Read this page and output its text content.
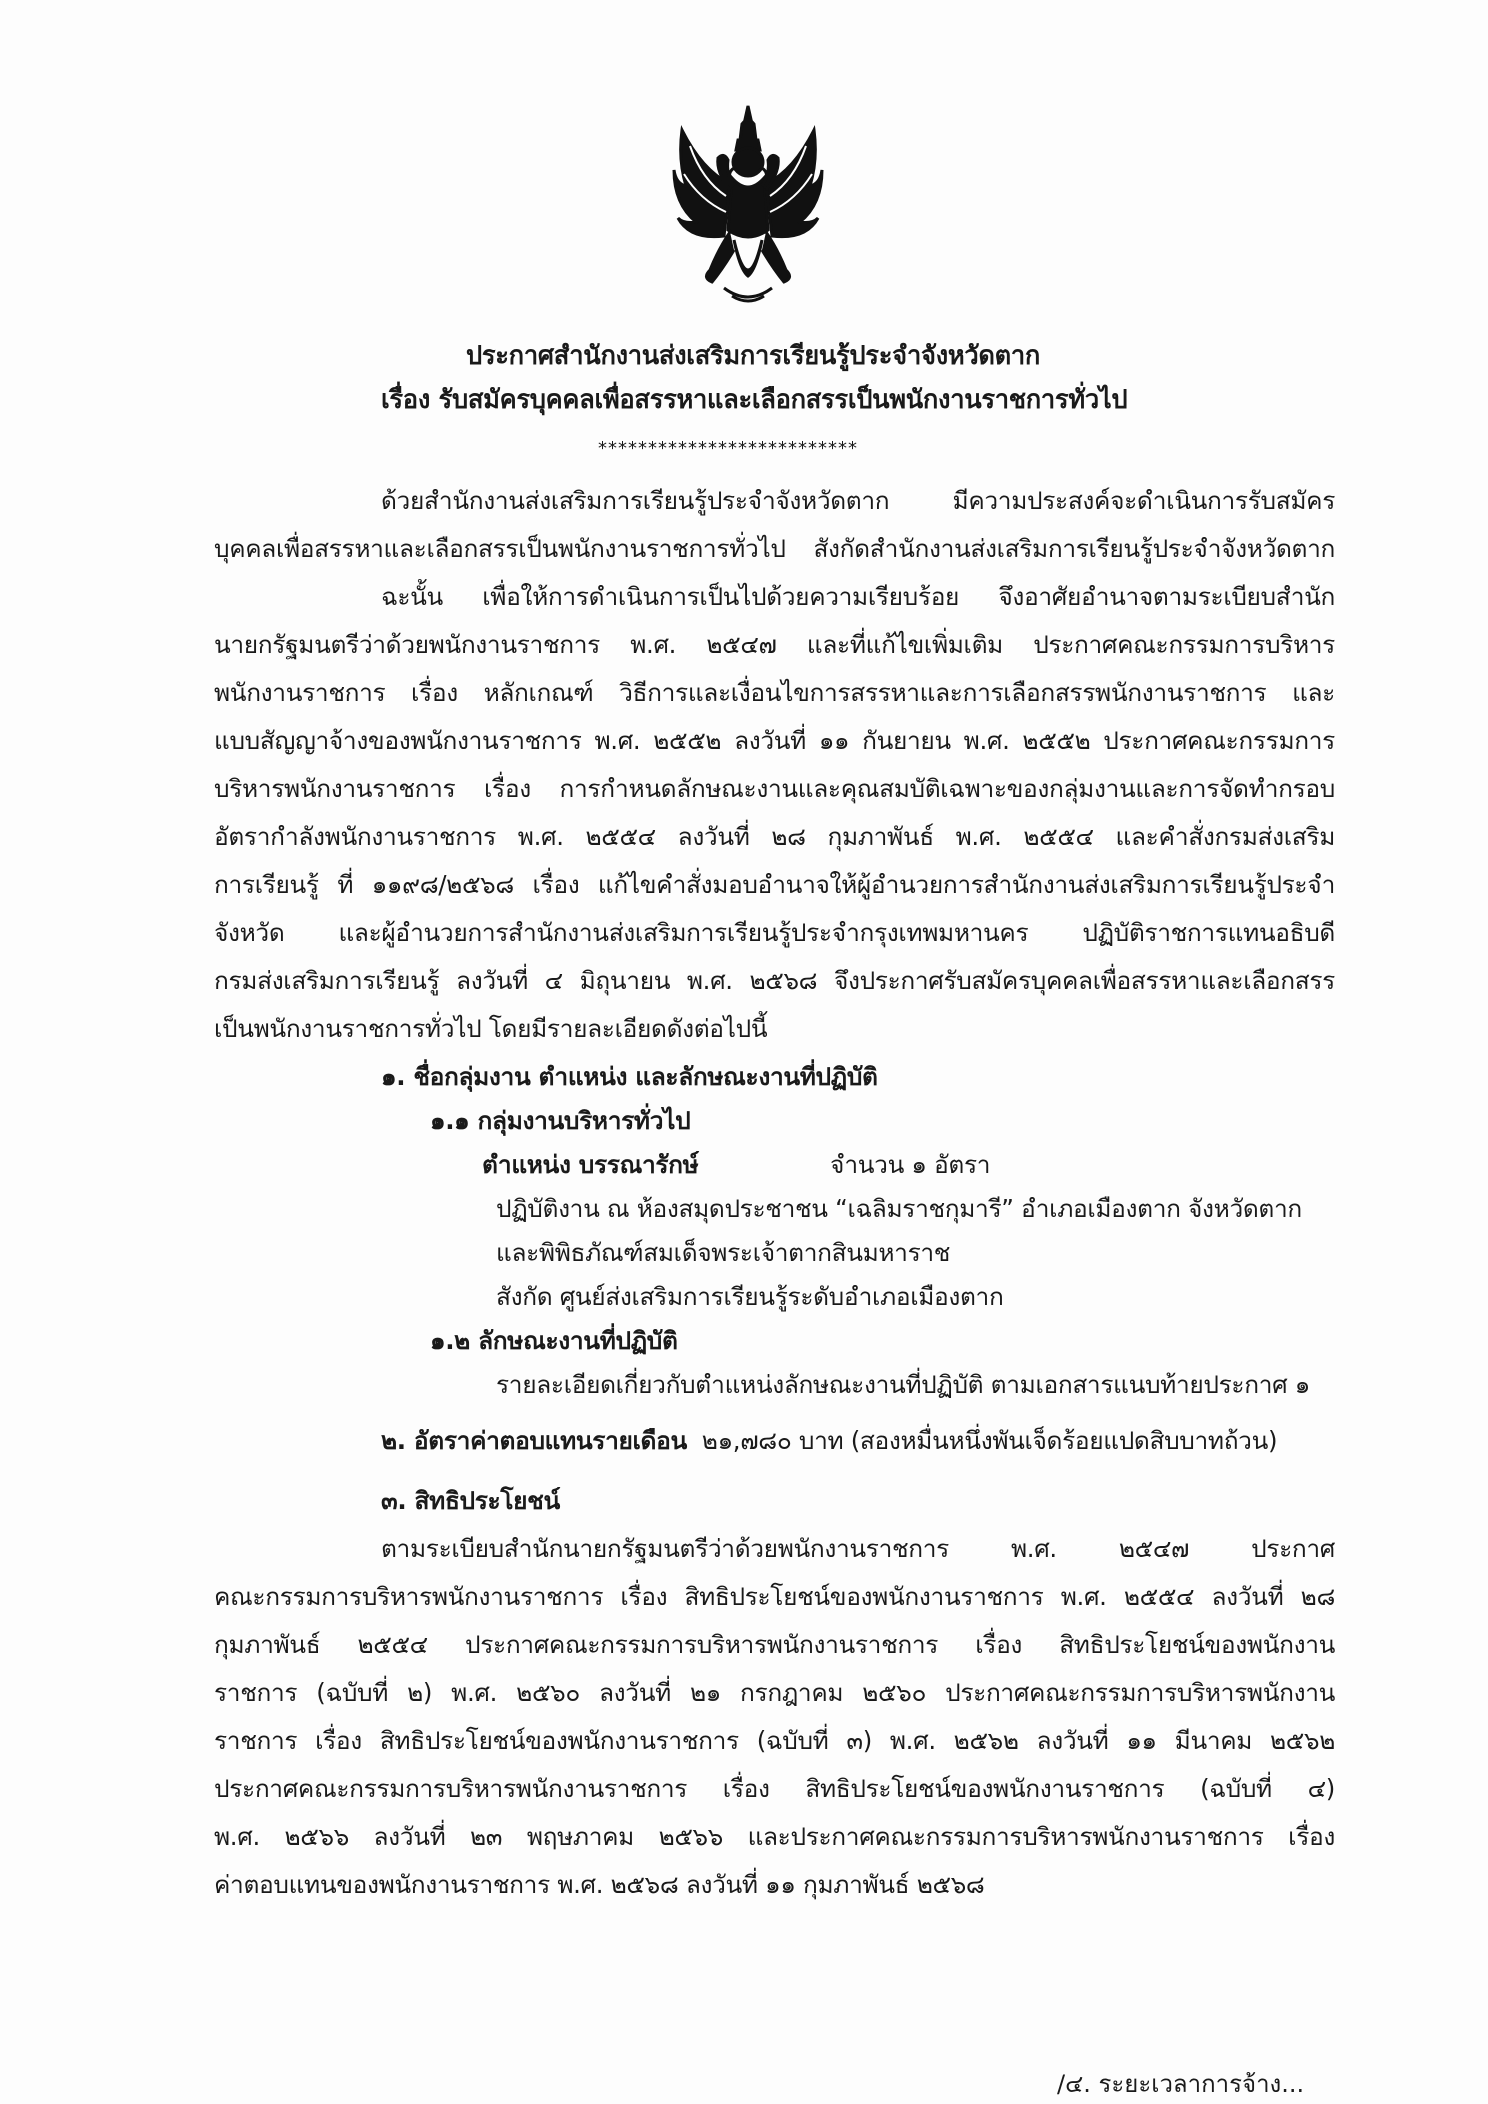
ประกาศสำนักงานส่งเสริมการเรียนรู้ประจำจังหวัดตาก
เรื่อง รับสมัครบุคคลเพื่อสรรหาและเลือกสรรเป็นพนักงานราชการทั่วไป
**************************
ด้วยสำนักงานส่งเสริมการเรียนรู้ประจำจังหวัดตาก มีความประสงค์จะดำเนินการรับสมัคร
บุคคลเพื่อสรรหาและเลือกสรรเป็นพนักงานราชการทั่วไป สังกัดสำนักงานส่งเสริมการเรียนรู้ประจำจังหวัดตาก
ฉะนั้น เพื่อให้การดำเนินการเป็นไปด้วยความเรียบร้อย จึงอาศัยอำนาจตามระเบียบสำนัก
นายกรัฐมนตรีว่าด้วยพนักงานราชการ พ.ศ. ๒๕๔๗ และที่แก้ไขเพิ่มเติม ประกาศคณะกรรมการบริหาร
พนักงานราชการ เรื่อง หลักเกณฑ์ วิธีการและเงื่อนไขการสรรหาและการเลือกสรรพนักงานราชการ และ
แบบสัญญาจ้างของพนักงานราชการ พ.ศ. ๒๕๕๒ ลงวันที่ ๑๑ กันยายน พ.ศ. ๒๕๕๒ ประกาศคณะกรรมการ
บริหารพนักงานราชการ เรื่อง การกำหนดลักษณะงานและคุณสมบัติเฉพาะของกลุ่มงานและการจัดทำกรอบ
อัตรากำลังพนักงานราชการ พ.ศ. ๒๕๕๔ ลงวันที่ ๒๘ กุมภาพันธ์ พ.ศ. ๒๕๕๔ และคำสั่งกรมส่งเสริม
การเรียนรู้ ที่ ๑๑๙๘/๒๕๖๘ เรื่อง แก้ไขคำสั่งมอบอำนาจให้ผู้อำนวยการสำนักงานส่งเสริมการเรียนรู้ประจำ
จังหวัด และผู้อำนวยการสำนักงานส่งเสริมการเรียนรู้ประจำกรุงเทพมหานคร ปฏิบัติราชการแทนอธิบดี
กรมส่งเสริมการเรียนรู้ ลงวันที่ ๔ มิถุนายน พ.ศ. ๒๕๖๘ จึงประกาศรับสมัครบุคคลเพื่อสรรหาและเลือกสรร
เป็นพนักงานราชการทั่วไป โดยมีรายละเอียดดังต่อไปนี้
๑. ชื่อกลุ่มงาน ตำแหน่ง และลักษณะงานที่ปฏิบัติ
๑.๑ กลุ่มงานบริหารทั่วไป
ตำแหน่ง บรรณารักษ์	จำนวน ๑ อัตรา
ปฏิบัติงาน ณ ห้องสมุดประชาชน “เฉลิมราชกุมารี” อำเภอเมืองตาก จังหวัดตาก
และพิพิธภัณฑ์สมเด็จพระเจ้าตากสินมหาราช
สังกัด ศูนย์ส่งเสริมการเรียนรู้ระดับอำเภอเมืองตาก
๑.๒ ลักษณะงานที่ปฏิบัติ
รายละเอียดเกี่ยวกับตำแหน่งลักษณะงานที่ปฏิบัติ ตามเอกสารแนบท้ายประกาศ ๑
๒. อัตราค่าตอบแทนรายเดือน ๒๑,๗๘๐ บาท (สองหมื่นหนึ่งพันเจ็ดร้อยแปดสิบบาทถ้วน)
๓. สิทธิประโยชน์
ตามระเบียบสำนักนายกรัฐมนตรีว่าด้วยพนักงานราชการ พ.ศ. ๒๕๔๗ ประกาศ
คณะกรรมการบริหารพนักงานราชการ เรื่อง สิทธิประโยชน์ของพนักงานราชการ พ.ศ. ๒๕๕๔ ลงวันที่ ๒๘
กุมภาพันธ์ ๒๕๕๔ ประกาศคณะกรรมการบริหารพนักงานราชการ เรื่อง สิทธิประโยชน์ของพนักงาน
ราชการ (ฉบับที่ ๒) พ.ศ. ๒๕๖๐ ลงวันที่ ๒๑ กรกฎาคม ๒๕๖๐ ประกาศคณะกรรมการบริหารพนักงาน
ราชการ เรื่อง สิทธิประโยชน์ของพนักงานราชการ (ฉบับที่ ๓) พ.ศ. ๒๕๖๒ ลงวันที่ ๑๑ มีนาคม ๒๕๖๒
ประกาศคณะกรรมการบริหารพนักงานราชการ เรื่อง สิทธิประโยชน์ของพนักงานราชการ (ฉบับที่ ๔)
พ.ศ. ๒๕๖๖ ลงวันที่ ๒๓ พฤษภาคม ๒๕๖๖ และประกาศคณะกรรมการบริหารพนักงานราชการ เรื่อง
ค่าตอบแทนของพนักงานราชการ พ.ศ. ๒๕๖๘ ลงวันที่ ๑๑ กุมภาพันธ์ ๒๕๖๘
/๔. ระยะเวลาการจ้าง...
